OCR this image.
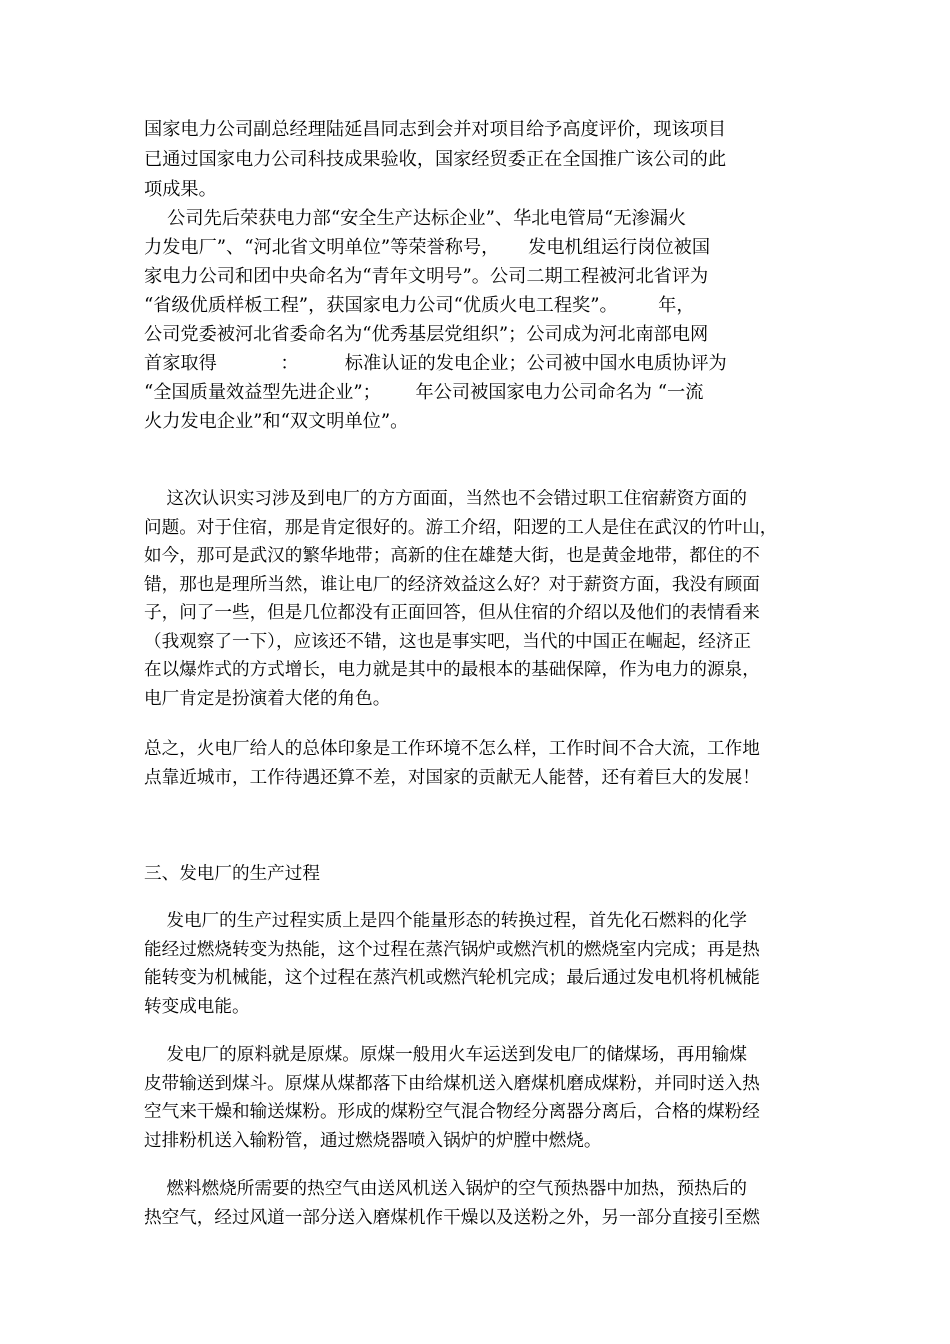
国家电力公司副总经理陆延昌同志到会并对项目给予高度评价，现该项目
已通过国家电力公司科技成果验收，国家经贸委正在全国推广该公司的此
项成果。
公司先后荣获电力部“安全生产达标企业”、华北电管局“无渗漏火
力发电厂”、“河北省文明单位”等荣誉称号，     发电机组运行岗位被国
家电力公司和团中央命名为“青年文明号”。公司二期工程被河北省评为
“省级优质样板工程”，获国家电力公司“优质火电工程奖”。       年，
公司党委被河北省委命名为“优秀基层党组织”；公司成为河北南部电网
首家取得           ：        标准认证的发电企业；公司被中国水电质协评为
“全国质量效益型先进企业”；      年公司被国家电力公司命名为 “一流
火力发电企业”和“双文明单位”。
这次认识实习涉及到电厂的方方面面，当然也不会错过职工住宿薪资方面的
问题。对于住宿，那是肯定很好的。游工介绍，阳逻的工人是住在武汉的竹叶山，
如今，那可是武汉的繁华地带；高新的住在雄楚大街，也是黄金地带，都住的不
错，那也是理所当然，谁让电厂的经济效益这么好？对于薪资方面，我没有顾面
子，问了一些，但是几位都没有正面回答，但从住宿的介绍以及他们的表情看来
（我观察了一下），应该还不错，这也是事实吧，当代的中国正在崛起，经济正
在以爆炸式的方式增长，电力就是其中的最根本的基础保障，作为电力的源泉，
电厂肯定是扮演着大佬的角色。
总之，火电厂给人的总体印象是工作环境不怎么样，工作时间不合大流，工作地
点靠近城市，工作待遇还算不差，对国家的贡献无人能替，还有着巨大的发展！
三、发电厂的生产过程
发电厂的生产过程实质上是四个能量形态的转换过程，首先化石燃料的化学
能经过燃烧转变为热能，这个过程在蒸汽锅炉或燃汽机的燃烧室内完成；再是热
能转变为机械能，这个过程在蒸汽机或燃汽轮机完成；最后通过发电机将机械能
转变成电能。
发电厂的原料就是原煤。原煤一般用火车运送到发电厂的储煤场，再用输煤
皮带输送到煤斗。原煤从煤都落下由给煤机送入磨煤机磨成煤粉，并同时送入热
空气来干燥和输送煤粉。形成的煤粉空气混合物经分离器分离后，合格的煤粉经
过排粉机送入输粉管，通过燃烧器喷入锅炉的炉膛中燃烧。
燃料燃烧所需要的热空气由送风机送入锅炉的空气预热器中加热，预热后的
热空气，经过风道一部分送入磨煤机作干燥以及送粉之外，另一部分直接引至燃
